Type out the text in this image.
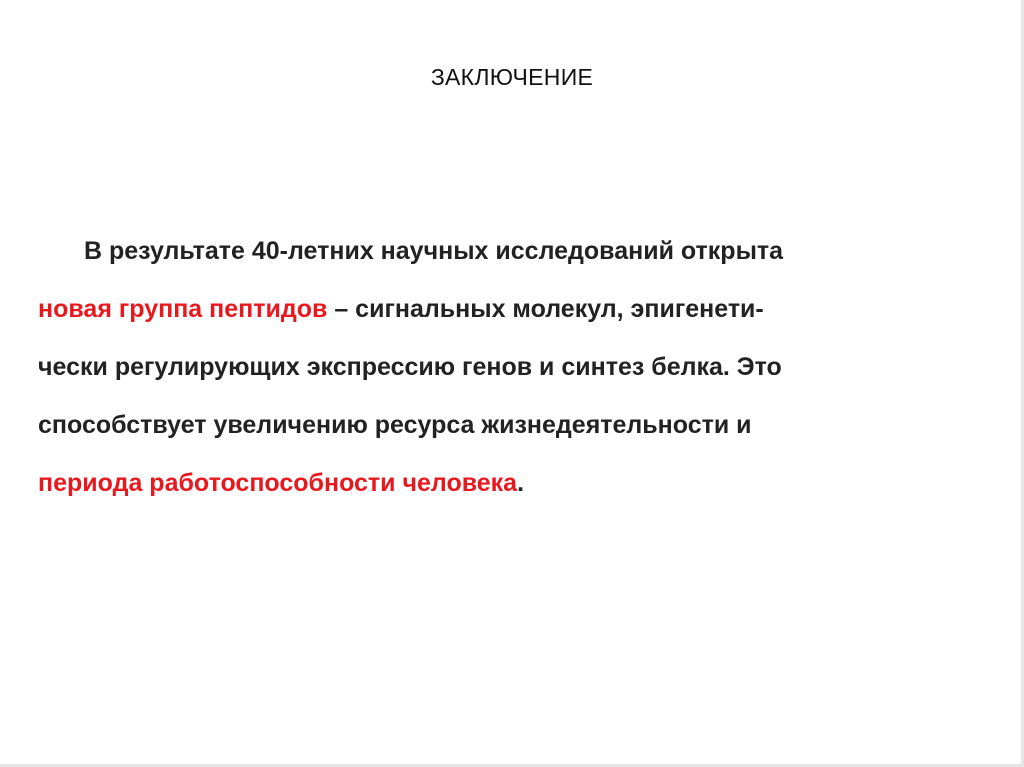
ЗАКЛЮЧЕНИЕ
В результате 40-летних научных исследований открыта
новая группа пептидов – сигнальных молекул, эпигенети-
чески регулирующих экспрессию генов и синтез белка. Это
способствует увеличению ресурса жизнедеятельности и
периода работоспособности человека.
